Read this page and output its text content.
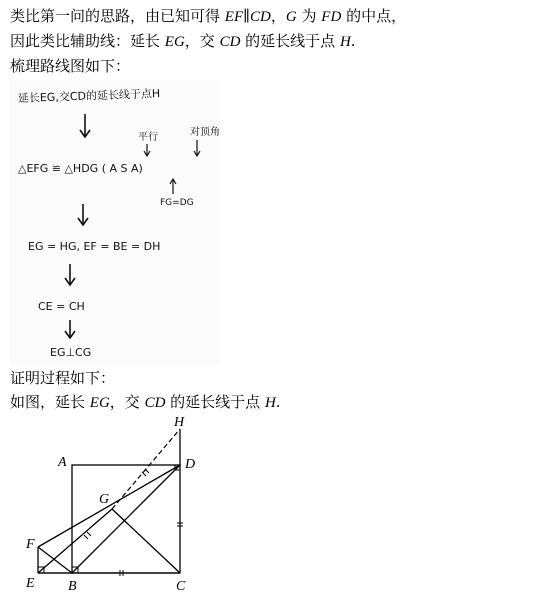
类比第一问的思路，由已知可得 EF∥CD，G 为 FD 的中点，
因此类比辅助线：延长 EG，交 CD 的延长线于点 H.
梳理路线图如下：
延长EG,交CD的延长线于点H
平行	对顶角
△EFG ≌ △HDG ( A S A)
FG=DG
EG = HG, EF = BE = DH
CE = CH
EG⊥CG
证明过程如下：
如图，延长 EG，交 CD 的延长线于点 H.
H
A	D
G
F
E B	C
